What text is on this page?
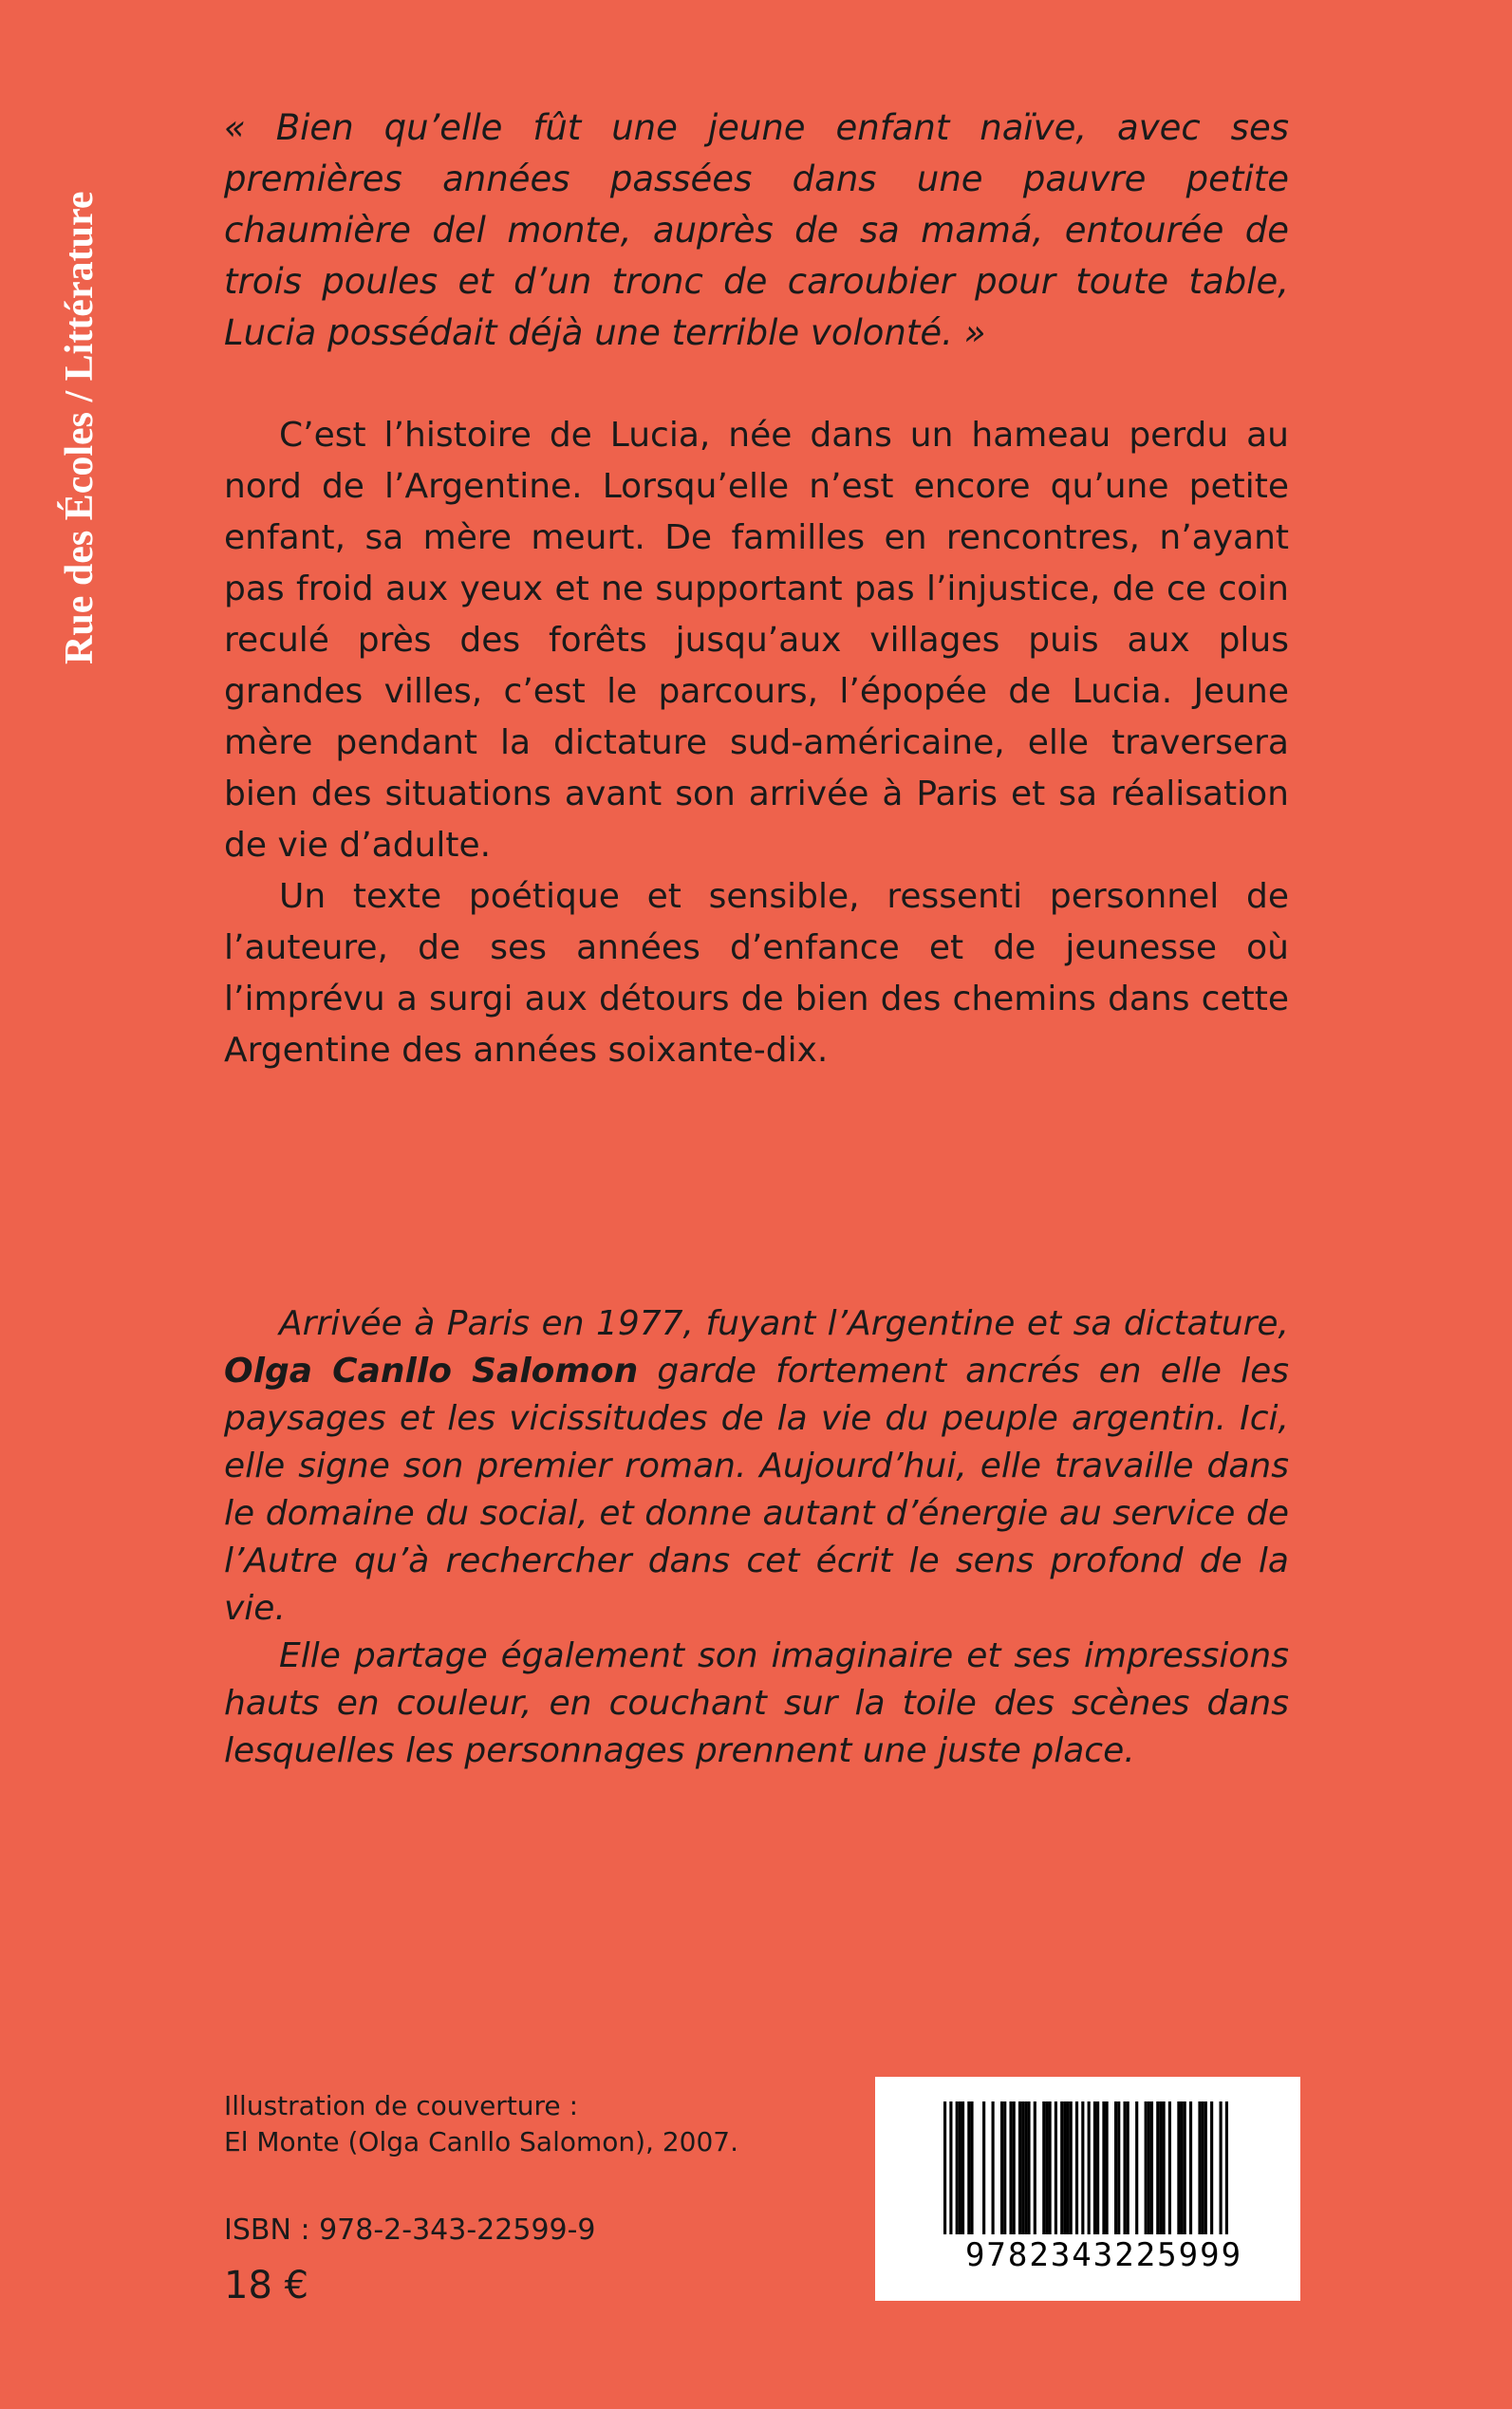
Rue des Écoles / Littérature

« Bien qu’elle fût une jeune enfant naïve, avec ses premières années passées dans une pauvre petite chaumière del monte, auprès de sa mamá, entourée de trois poules et d’un tronc de caroubier pour toute table, Lucia possédait déjà une terrible volonté. »

C’est l’histoire de Lucia, née dans un hameau perdu au nord de l’Argentine. Lorsqu’elle n’est encore qu’une petite enfant, sa mère meurt. De familles en rencontres, n’ayant pas froid aux yeux et ne supportant pas l’injustice, de ce coin reculé près des forêts jusqu’aux villages puis aux plus grandes villes, c’est le parcours, l’épopée de Lucia. Jeune mère pendant la dictature sud-américaine, elle traversera bien des situations avant son arrivée à Paris et sa réalisation de vie d’adulte.

Un texte poétique et sensible, ressenti personnel de l’auteure, de ses années d’enfance et de jeunesse où l’imprévu a surgi aux détours de bien des chemins dans cette Argentine des années soixante-dix.

Arrivée à Paris en 1977, fuyant l’Argentine et sa dictature, Olga Canllo Salomon garde fortement ancrés en elle les paysages et les vicissitudes de la vie du peuple argentin. Ici, elle signe son premier roman. Aujourd’hui, elle travaille dans le domaine du social, et donne autant d’énergie au service de l’Autre qu’à rechercher dans cet écrit le sens profond de la vie.

Elle partage également son imaginaire et ses impressions hauts en couleur, en couchant sur la toile des scènes dans lesquelles les personnages prennent une juste place.

Illustration de couverture :
El Monte (Olga Canllo Salomon), 2007.
ISBN : 978-2-343-22599-9
18 €
9782343225999
